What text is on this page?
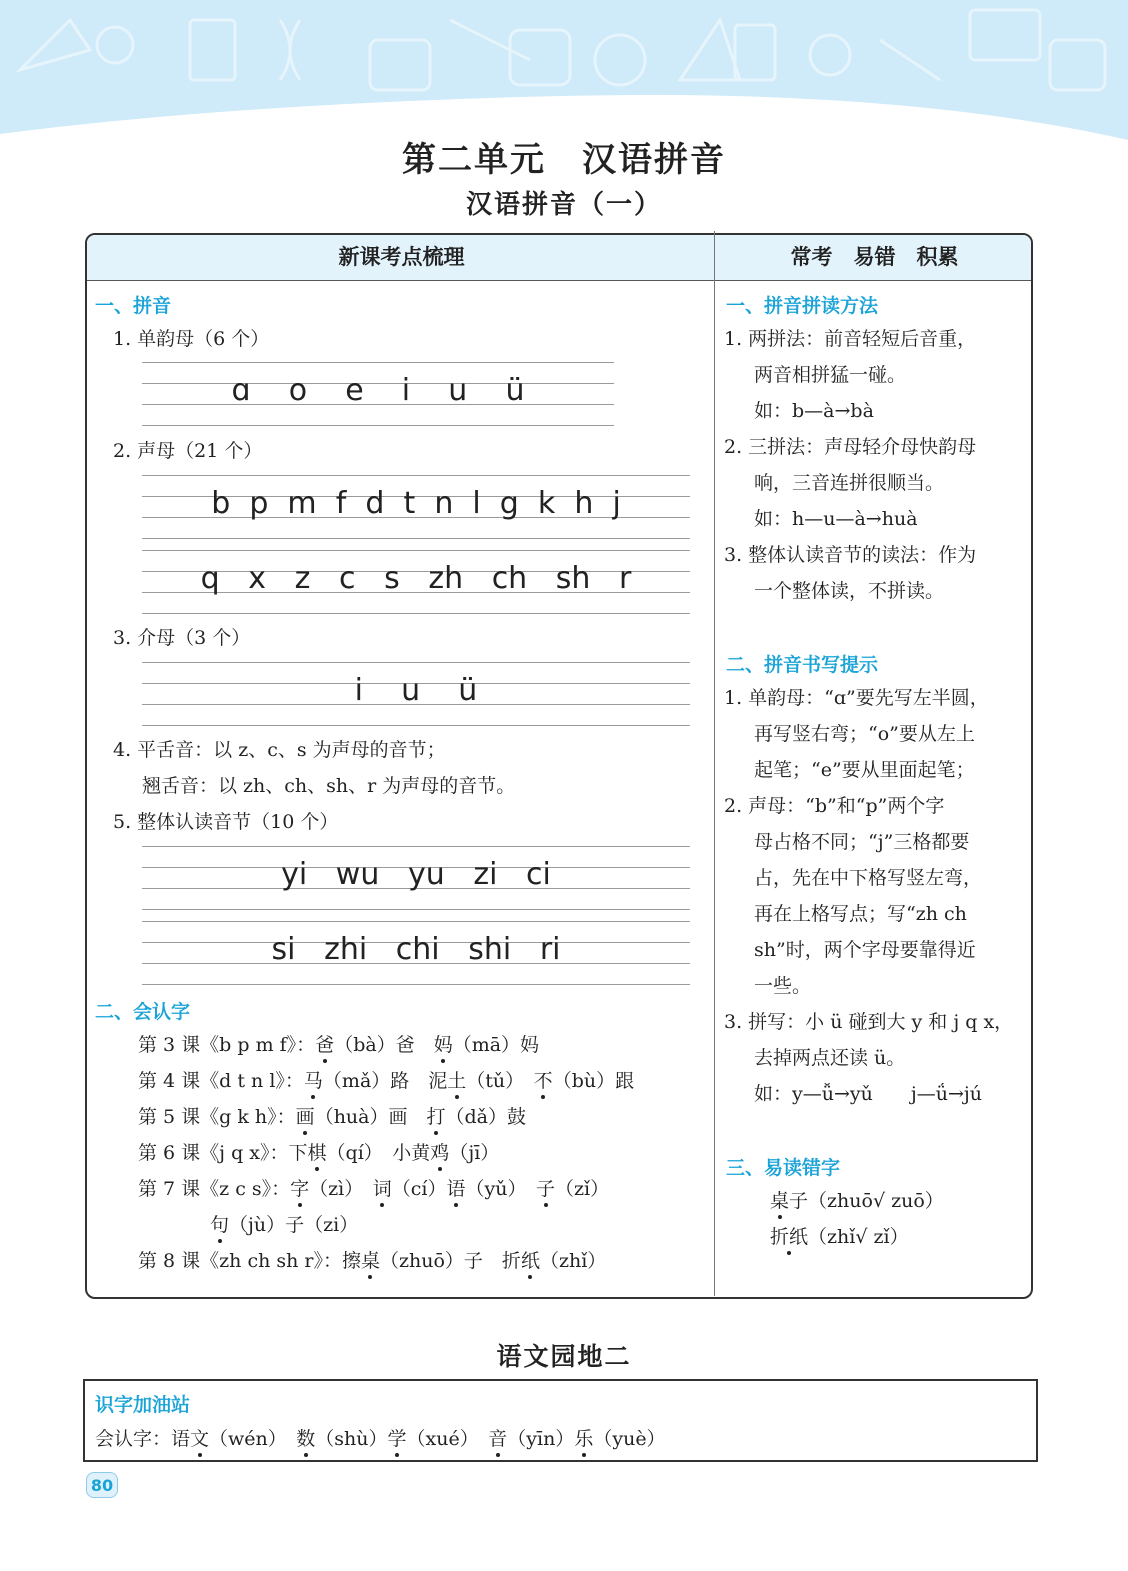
第二单元　汉语拼音
汉语拼音（一）
新课考点梳理	常考　易错　积累
一、拼音
1. 单韵母（6 个）
ɑ    o    e    i    u    ü
2. 声母（21 个）
b  p  m  f  d  t  n  l  g  k  h  j
q   x   z   c   s   zh   ch   sh   r
3. 介母（3 个）
i    u    ü
4. 平舌音：以 z、c、s 为声母的音节；
翘舌音：以 zh、ch、sh、r 为声母的音节。
5. 整体认读音节（10 个）
yi   wu   yu   zi   ci
si   zhi   chi   shi   ri
二、会认字
第 3 课《b p m f》：爸（bà）爸　妈（mā）妈
第 4 课《d t n l》：马（mǎ）路　泥土（tǔ）　不（bù）跟
第 5 课《g k h》：画（huà）画　打（dǎ）鼓
第 6 课《j q x》：下棋（qí）　小黄鸡（jī）
第 7 课《z c s》：字（zì）　词（cí）语（yǔ）　子（zǐ）
句（jù）子（zi）
第 8 课《zh ch sh r》：擦桌（zhuō）子　折纸（zhǐ）
一、拼音拼读方法
1. 两拼法：前音轻短后音重，
两音相拼猛一碰。
如：b—à→bà
2. 三拼法：声母轻介母快韵母
响，三音连拼很顺当。
如：h—u—à→huà
3. 整体认读音节的读法：作为
一个整体读，不拼读。
二、拼音书写提示
1. 单韵母：“ɑ”要先写左半圆，
再写竖右弯；“o”要从左上
起笔；“e”要从里面起笔；
2. 声母：“b”和“p”两个字
母占格不同；“j”三格都要
占，先在中下格写竖左弯，
再在上格写点；写“zh ch
sh”时，两个字母要靠得近
一些。
3. 拼写：小 ü 碰到大 y 和 j q x，
去掉两点还读 ü。
如：y—ǚ→yǔ　　j—ǘ→jú
三、易读错字
桌子（zhuō√ zuō）
折纸（zhǐ√ zǐ）
语文园地二
识字加油站
会认字：语文（wén）　数（shù）学（xué）　音（yīn）乐（yuè）
80
